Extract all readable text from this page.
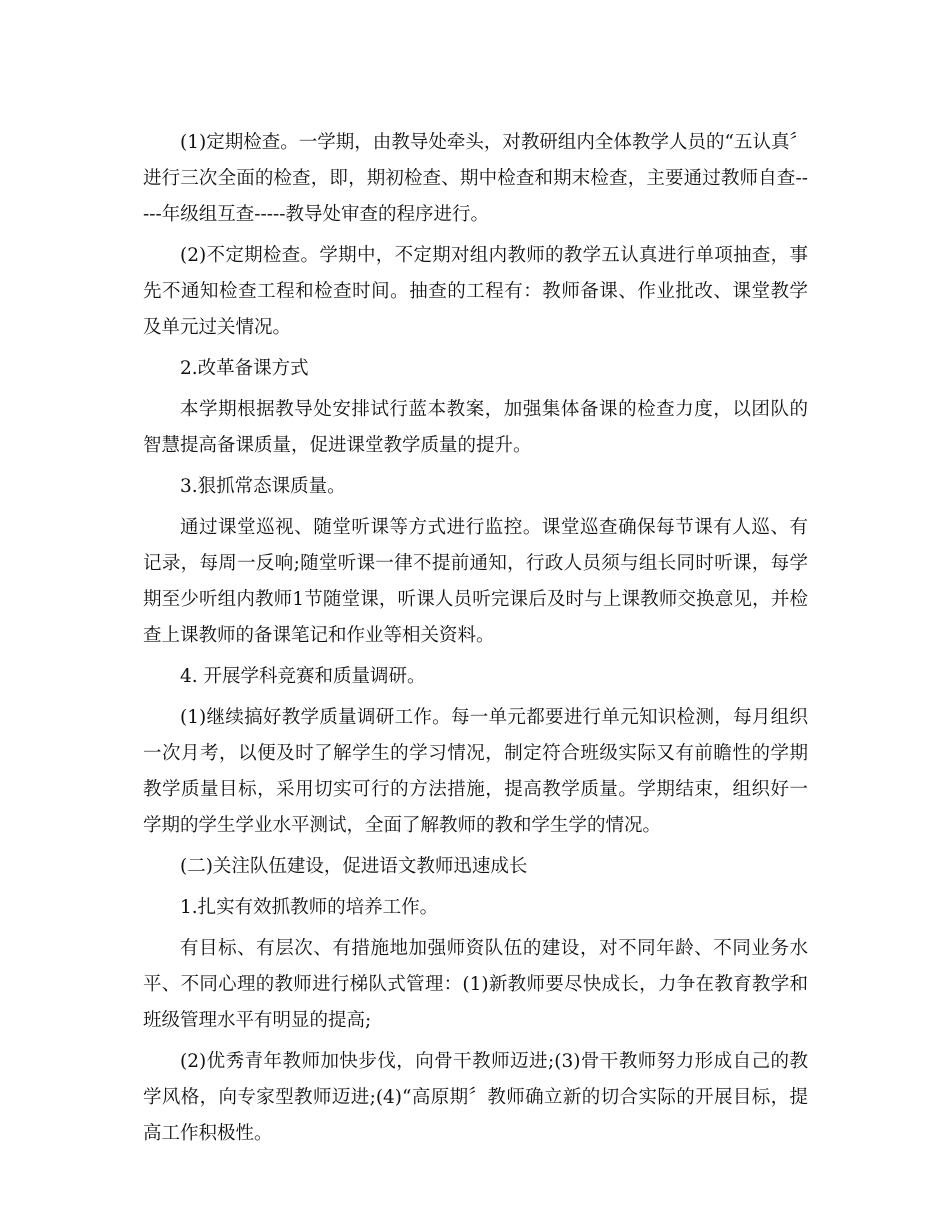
(1)定期检查。一学期，由教导处牵头，对教研组内全体教学人员的“五认真〞进行三次全面的检查，即，期初检查、期中检查和期末检查，主要通过教师自查-----年级组互查-----教导处审查的程序进行。

(2)不定期检查。学期中，不定期对组内教师的教学五认真进行单项抽查，事先不通知检查工程和检查时间。抽查的工程有：教师备课、作业批改、课堂教学及单元过关情况。

2.改革备课方式

本学期根据教导处安排试行蓝本教案，加强集体备课的检查力度，以团队的智慧提高备课质量，促进课堂教学质量的提升。

3.狠抓常态课质量。

通过课堂巡视、随堂听课等方式进行监控。课堂巡查确保每节课有人巡、有记录，每周一反响;随堂听课一律不提前通知，行政人员须与组长同时听课，每学期至少听组内教师1节随堂课，听课人员听完课后及时与上课教师交换意见，并检查上课教师的备课笔记和作业等相关资料。

4. 开展学科竞赛和质量调研。

(1)继续搞好教学质量调研工作。每一单元都要进行单元知识检测，每月组织一次月考，以便及时了解学生的学习情况，制定符合班级实际又有前瞻性的学期教学质量目标，采用切实可行的方法措施，提高教学质量。学期结束，组织好一学期的学生学业水平测试，全面了解教师的教和学生学的情况。

(二)关注队伍建设，促进语文教师迅速成长

1.扎实有效抓教师的培养工作。

有目标、有层次、有措施地加强师资队伍的建设，对不同年龄、不同业务水平、不同心理的教师进行梯队式管理：(1)新教师要尽快成长，力争在教育教学和班级管理水平有明显的提高;

(2)优秀青年教师加快步伐，向骨干教师迈进;(3)骨干教师努力形成自己的教学风格，向专家型教师迈进;(4)“高原期〞教师确立新的切合实际的开展目标，提高工作积极性。
